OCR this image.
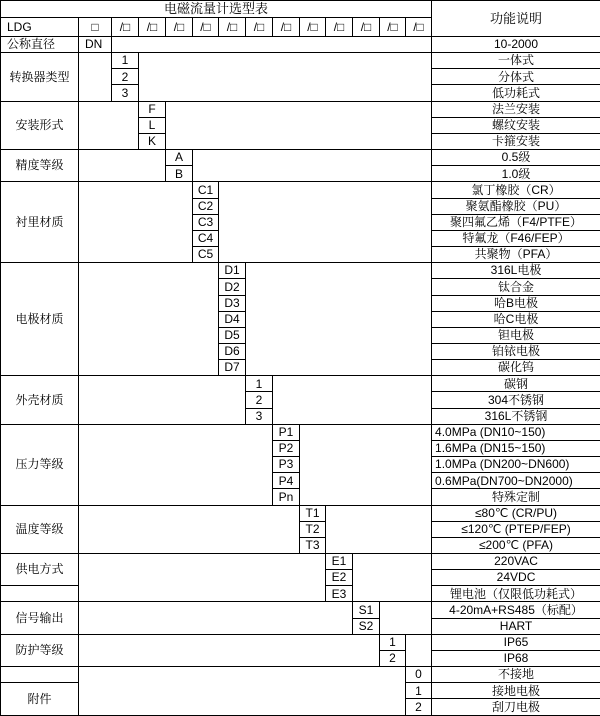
电磁流量计选型表														功能说明
LDG	□	/□	/□	/□	/□	/□	/□	/□	/□	/□	/□	/□	/□	
公称直径	DN													10-2000
转换器类型		1												一体式
		2												分体式
		3												低功耗式
安装形式			F											法兰安装
			L											螺纹安装
			K											卡箍安装
精度等级				A										0.5级
				B										1.0级
衬里材质					C1									氯丁橡胶（CR）
					C2									聚氨酯橡胶（PU）
					C3									聚四氟乙烯（F4/PTFE）
					C4									特氟龙（F46/FEP）
					C5									共聚物（PFA）
电极材质						D1								316L电极
						D2								钛合金
						D3								哈B电极
						D4								哈C电极
						D5								钽电极
						D6								铂铱电极
						D7								碳化钨
外壳材质							1							碳钢
							2							304不锈钢
							3							316L不锈钢
压力等级								P1						4.0MPa (DN10~150)
								P2						1.6MPa (DN15~150)
								P3						1.0MPa (DN200~DN600)
								P4						0.6MPa(DN700~DN2000)
								Pn						特殊定制
温度等级									T1					≤80℃ (CR/PU)
									T2					≤120℃ (PTEP/FEP)
									T3					≤200℃ (PFA)
供电方式										E1				220VAC
										E2				24VDC
										E3				锂电池（仅限低功耗式）
信号输出											S1			4-20mA+RS485（标配）
											S2			HART
防护等级												1		IP65
												2		IP68
													0	不接地
附件													1	接地电极
													2	刮刀电极
